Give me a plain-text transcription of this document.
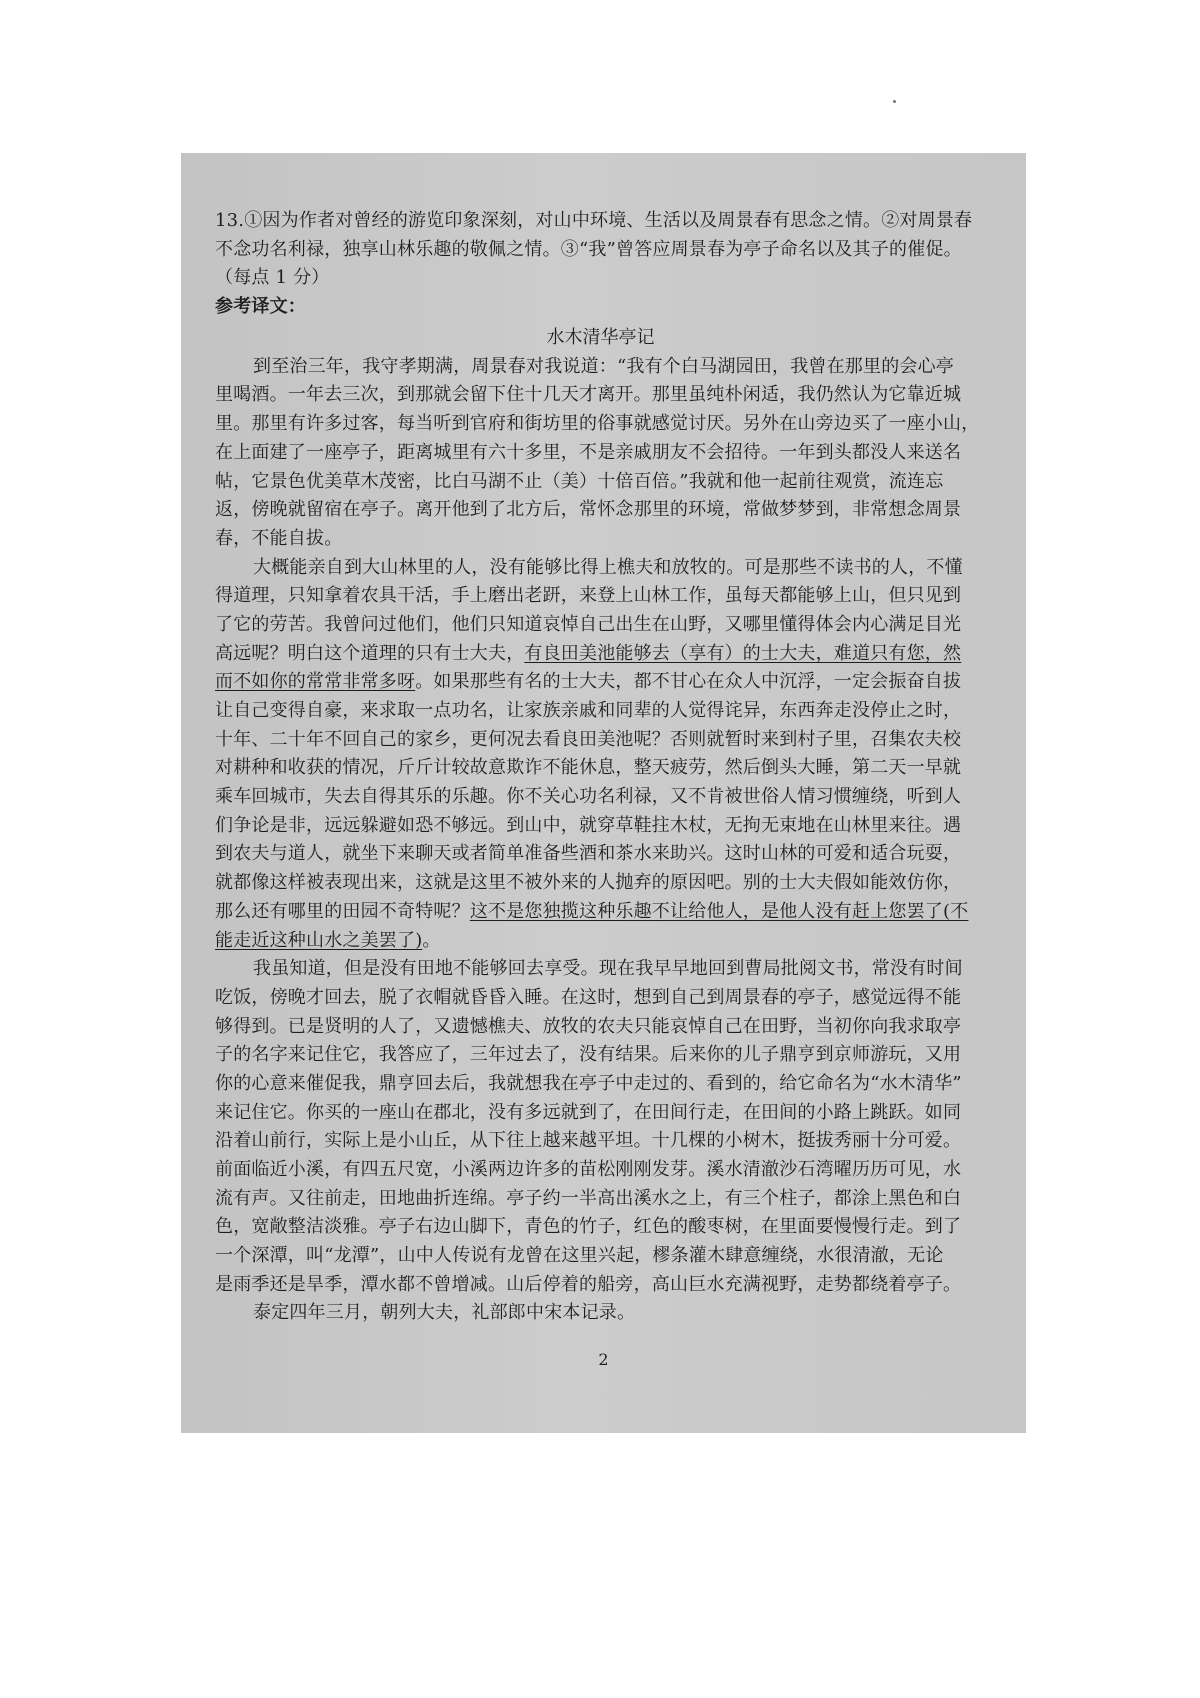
13.①因为作者对曾经的游览印象深刻，对山中环境、生活以及周景春有思念之情。②对周景春
不念功名利禄，独享山林乐趣的敬佩之情。③“我”曾答应周景春为亭子命名以及其子的催促。
（每点 1 分）
参考译文：
水木清华亭记
到至治三年，我守孝期满，周景春对我说道：“我有个白马湖园田，我曾在那里的会心亭
里喝酒。一年去三次，到那就会留下住十几天才离开。那里虽纯朴闲适，我仍然认为它靠近城
里。那里有许多过客，每当听到官府和街坊里的俗事就感觉讨厌。另外在山旁边买了一座小山，
在上面建了一座亭子，距离城里有六十多里，不是亲戚朋友不会招待。一年到头都没人来送名
帖，它景色优美草木茂密，比白马湖不止（美）十倍百倍。”我就和他一起前往观赏，流连忘
返，傍晚就留宿在亭子。离开他到了北方后，常怀念那里的环境，常做梦梦到，非常想念周景
春，不能自拔。
大概能亲自到大山林里的人，没有能够比得上樵夫和放牧的。可是那些不读书的人，不懂
得道理，只知拿着农具干活，手上磨出老趼，来登上山林工作，虽每天都能够上山，但只见到
了它的劳苦。我曾问过他们，他们只知道哀悼自己出生在山野，又哪里懂得体会内心满足目光
高远呢？明白这个道理的只有士大夫，有良田美池能够去（享有）的士大夫，难道只有您，然
而不如你的常常非常多呀。如果那些有名的士大夫，都不甘心在众人中沉浮，一定会振奋自拔
让自己变得自豪，来求取一点功名，让家族亲戚和同辈的人觉得诧异，东西奔走没停止之时，
十年、二十年不回自己的家乡，更何况去看良田美池呢？否则就暂时来到村子里，召集农夫校
对耕种和收获的情况，斤斤计较故意欺诈不能休息，整天疲劳，然后倒头大睡，第二天一早就
乘车回城市，失去自得其乐的乐趣。你不关心功名利禄，又不肯被世俗人情习惯缠绕，听到人
们争论是非，远远躲避如恐不够远。到山中，就穿草鞋拄木杖，无拘无束地在山林里来往。遇
到农夫与道人，就坐下来聊天或者简单准备些酒和茶水来助兴。这时山林的可爱和适合玩耍，
就都像这样被表现出来，这就是这里不被外来的人抛弃的原因吧。别的士大夫假如能效仿你，
那么还有哪里的田园不奇特呢？这不是您独揽这种乐趣不让给他人，是他人没有赶上您罢了(不
能走近这种山水之美罢了)。
我虽知道，但是没有田地不能够回去享受。现在我早早地回到曹局批阅文书，常没有时间
吃饭，傍晚才回去，脱了衣帽就昏昏入睡。在这时，想到自己到周景春的亭子，感觉远得不能
够得到。已是贤明的人了，又遗憾樵夫、放牧的农夫只能哀悼自己在田野，当初你向我求取亭
子的名字来记住它，我答应了，三年过去了，没有结果。后来你的儿子鼎亨到京师游玩，又用
你的心意来催促我，鼎亨回去后，我就想我在亭子中走过的、看到的，给它命名为“水木清华”
来记住它。你买的一座山在郡北，没有多远就到了，在田间行走，在田间的小路上跳跃。如同
沿着山前行，实际上是小山丘，从下往上越来越平坦。十几棵的小树木，挺拔秀丽十分可爱。
前面临近小溪，有四五尺宽，小溪两边许多的苗松刚刚发芽。溪水清澈沙石湾曜历历可见，水
流有声。又往前走，田地曲折连绵。亭子约一半高出溪水之上，有三个柱子，都涂上黑色和白
色，宽敞整洁淡雅。亭子右边山脚下，青色的竹子，红色的酸枣树，在里面要慢慢行走。到了
一个深潭，叫“龙潭”，山中人传说有龙曾在这里兴起，樛条灌木肆意缠绕，水很清澈，无论
是雨季还是旱季，潭水都不曾增减。山后停着的船旁，高山巨水充满视野，走势都绕着亭子。
泰定四年三月，朝列大夫，礼部郎中宋本记录。
2
